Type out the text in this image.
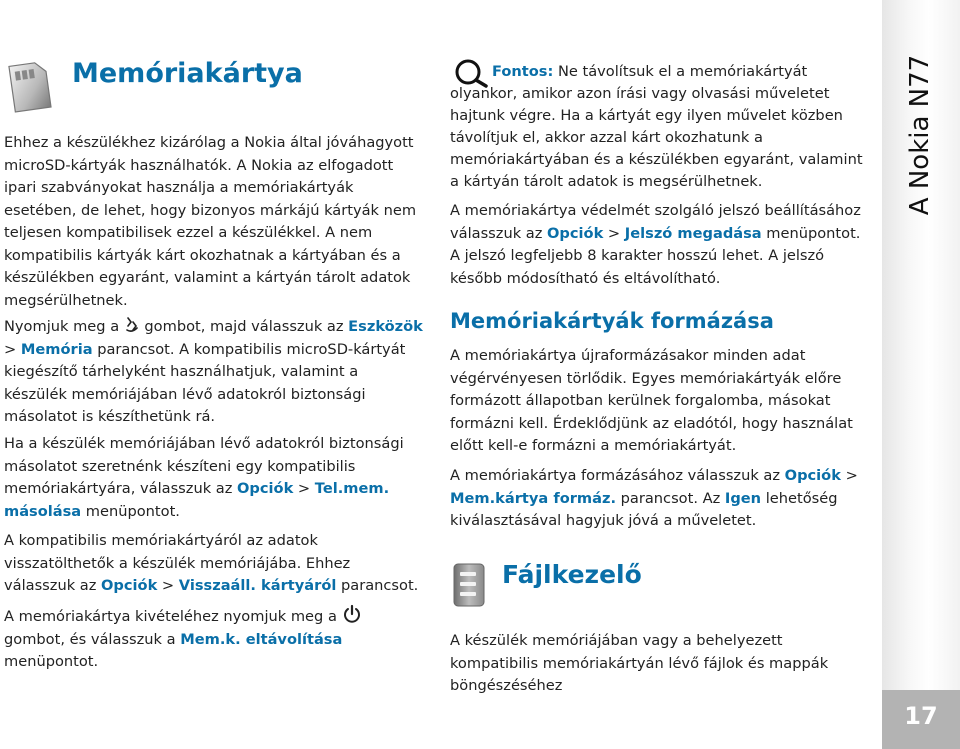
Memóriakártya

Ehhez a készülékhez kizárólag a Nokia által jóváhagyott microSD-kártyák használhatók. A Nokia az elfogadott ipari szabványokat használja a memóriakártyák esetében, de lehet, hogy bizonyos márkájú kártyák nem teljesen kompatibilisek ezzel a készülékkel. A nem kompatibilis kártyák kárt okozhatnak a kártyában és a készülékben egyaránt, valamint a kártyán tárolt adatok megsérülhetnek.

Nyomjuk meg a gombot, majd válasszuk az Eszközök > Memória parancsot. A kompatibilis microSD-kártyát kiegészítő tárhelyként használhatjuk, valamint a készülék memóriájában lévő adatokról biztonsági másolatot is készíthetünk rá.

Ha a készülék memóriájában lévő adatokról biztonsági másolatot szeretnénk készíteni egy kompatibilis memóriakártyára, válasszuk az Opciók > Tel.mem. másolása menüpontot.

A kompatibilis memóriakártyáról az adatok visszatölthetők a készülék memóriájába. Ehhez válasszuk az Opciók > Visszaáll. kártyáról parancsot.

A memóriakártya kivételéhez nyomjuk meg a  gombot, és válasszuk a Mem.k. eltávolítása menüpontot.

Fontos: Ne távolítsuk el a memóriakártyát olyankor, amikor azon írási vagy olvasási műveletet hajtunk végre. Ha a kártyát egy ilyen művelet közben távolítjuk el, akkor azzal kárt okozhatunk a memóriakártyában és a készülékben egyaránt, valamint a kártyán tárolt adatok is megsérülhetnek.

A memóriakártya védelmét szolgáló jelszó beállításához válasszuk az Opciók > Jelszó megadása menüpontot. A jelszó legfeljebb 8 karakter hosszú lehet. A jelszó később módosítható és eltávolítható.

Memóriakártyák formázása

A memóriakártya újraformázásakor minden adat végérvényesen törlődik. Egyes memóriakártyák előre formázott állapotban kerülnek forgalomba, másokat formázni kell. Érdeklődjünk az eladótól, hogy használat előtt kell-e formázni a memóriakártyát.

A memóriakártya formázásához válasszuk az Opciók > Mem.kártya formáz. parancsot. Az Igen lehetőség kiválasztásával hagyjuk jóvá a műveletet.

Fájlkezelő

A készülék memóriájában vagy a behelyezett kompatibilis memóriakártyán lévő fájlok és mappák böngészéséhez

A Nokia N77
17
